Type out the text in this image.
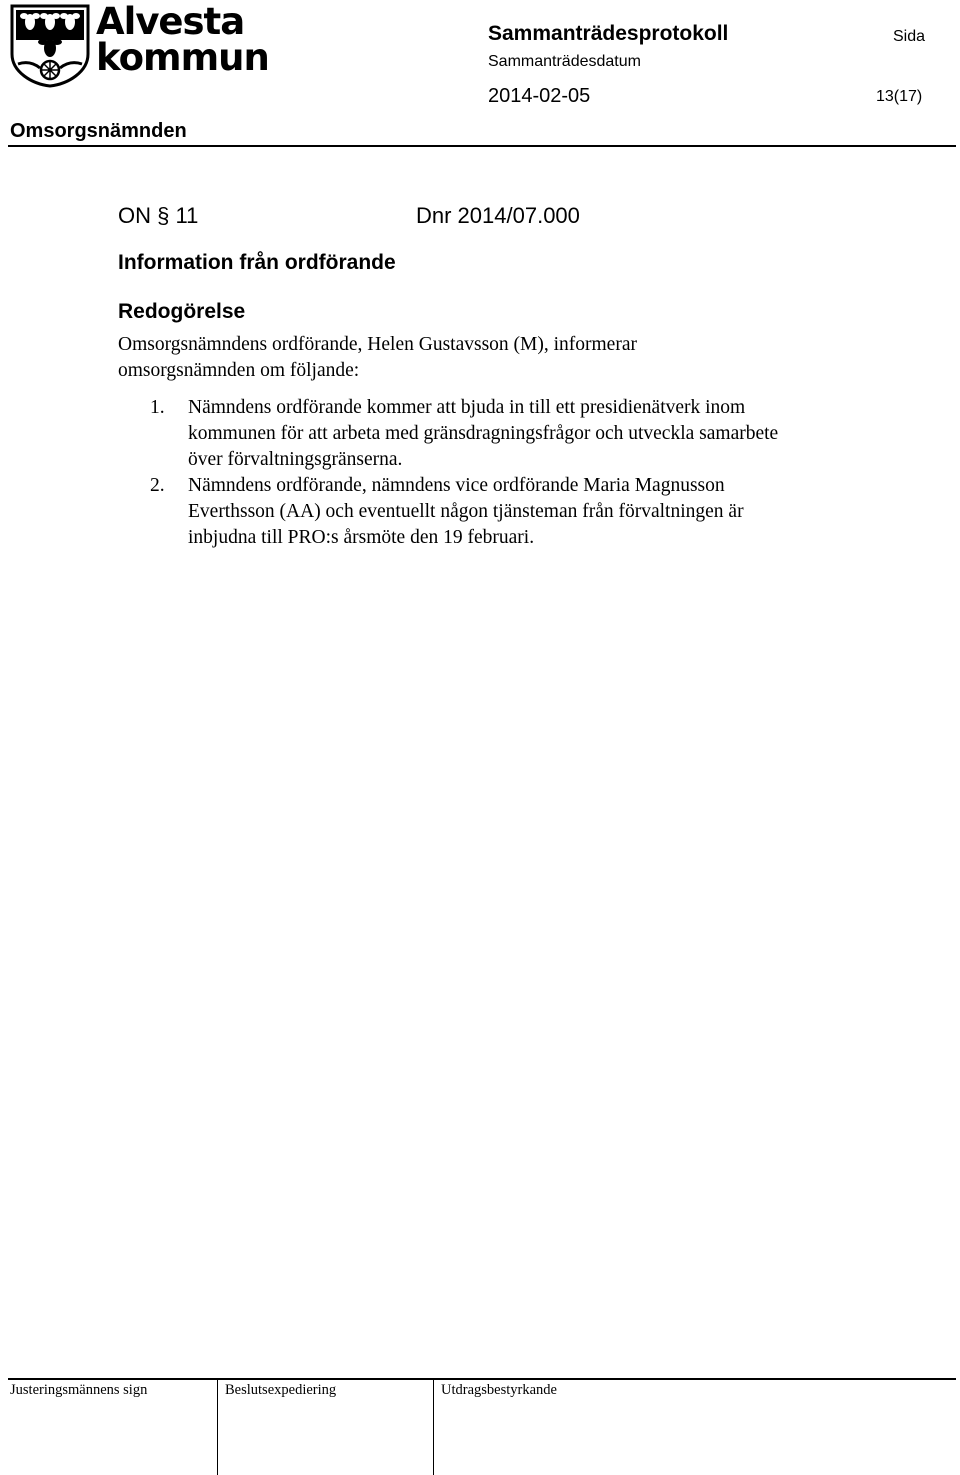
Alvesta
kommun
Sammanträdesprotokoll	Sida
Sammanträdesdatum
2014-02-05	13(17)
Omsorgsnämnden
ON § 11	Dnr 2014/07.000
Information från ordförande
Redogörelse
Omsorgsnämndens ordförande, Helen Gustavsson (M), informerar omsorgsnämnden om följande:
1.	Nämndens ordförande kommer att bjuda in till ett presidienätverk inom kommunen för att arbeta med gränsdragningsfrågor och utveckla samarbete över förvaltningsgränserna.
2.	Nämndens ordförande, nämndens vice ordförande Maria Magnusson Everthsson (AA) och eventuellt någon tjänsteman från förvaltningen är inbjudna till PRO:s årsmöte den 19 februari.
Justeringsmännens sign	Beslutsexpediering	Utdragsbestyrkande
